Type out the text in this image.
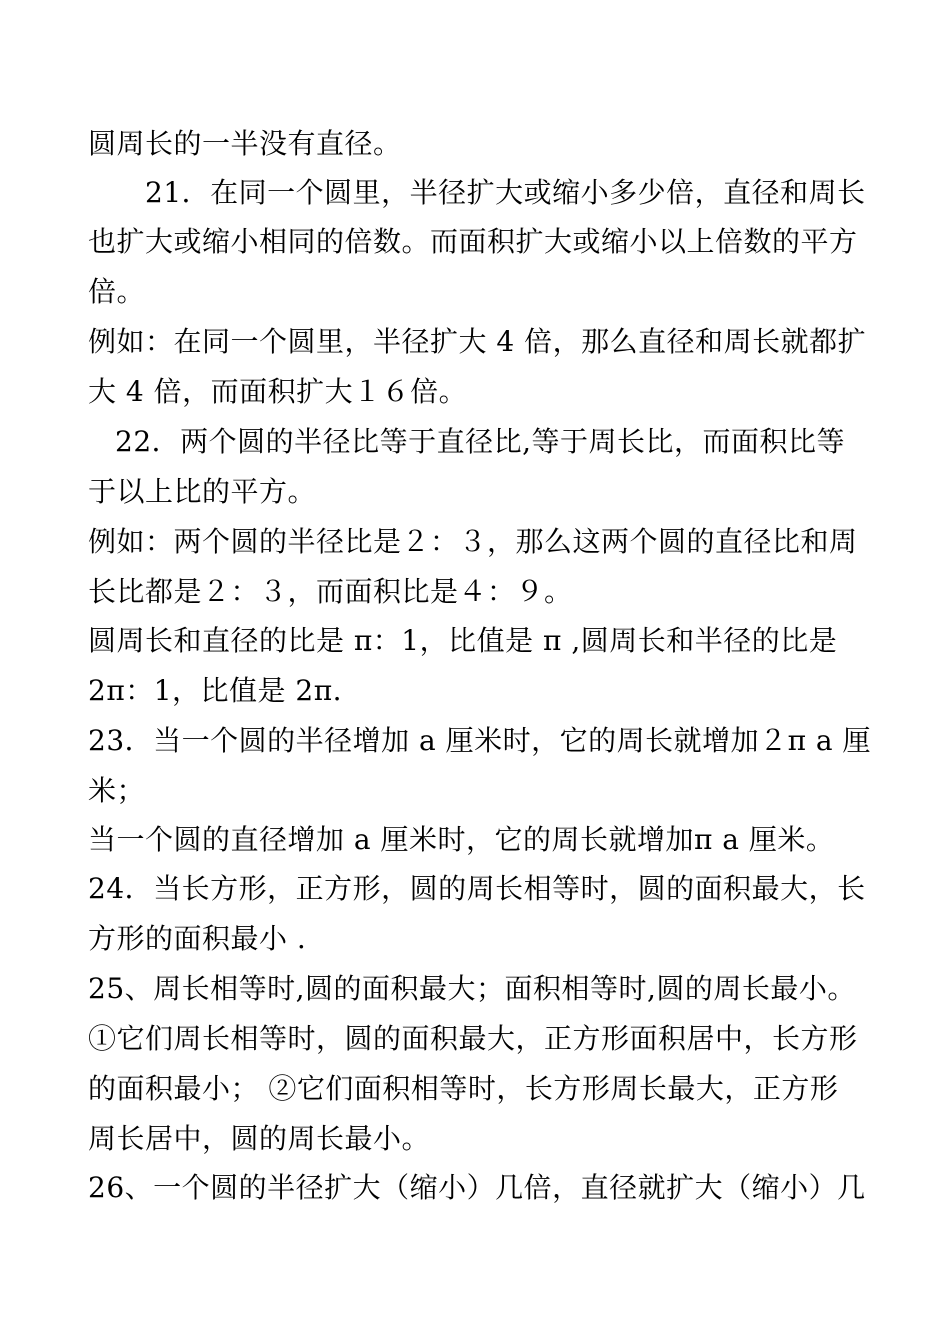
圆周长的一半没有直径。
21．在同一个圆里，半径扩大或缩小多少倍，直径和周长
也扩大或缩小相同的倍数。而面积扩大或缩小以上倍数的平方
倍。
例如：在同一个圆里，半径扩大 4 倍，那么直径和周长就都扩
大 4 倍，而面积扩大１６倍。
22．两个圆的半径比等于直径比,等于周长比，而面积比等
于以上比的平方。
例如：两个圆的半径比是２：３，那么这两个圆的直径比和周
长比都是２：３，而面积比是４：９。
圆周长和直径的比是 π：1，比值是 π ,圆周长和半径的比是
2π：1，比值是 2π.
23．当一个圆的半径增加 a 厘米时，它的周长就增加２π a 厘
米；
当一个圆的直径增加 a 厘米时，它的周长就增加π a 厘米。
24．当长方形，正方形，圆的周长相等时，圆的面积最大，长
方形的面积最小 .
25、周长相等时,圆的面积最大；面积相等时,圆的周长最小。
①它们周长相等时，圆的面积最大，正方形面积居中，长方形
的面积最小； ②它们面积相等时，长方形周长最大，正方形
周长居中，圆的周长最小。
26、一个圆的半径扩大（缩小）几倍，直径就扩大（缩小）几
